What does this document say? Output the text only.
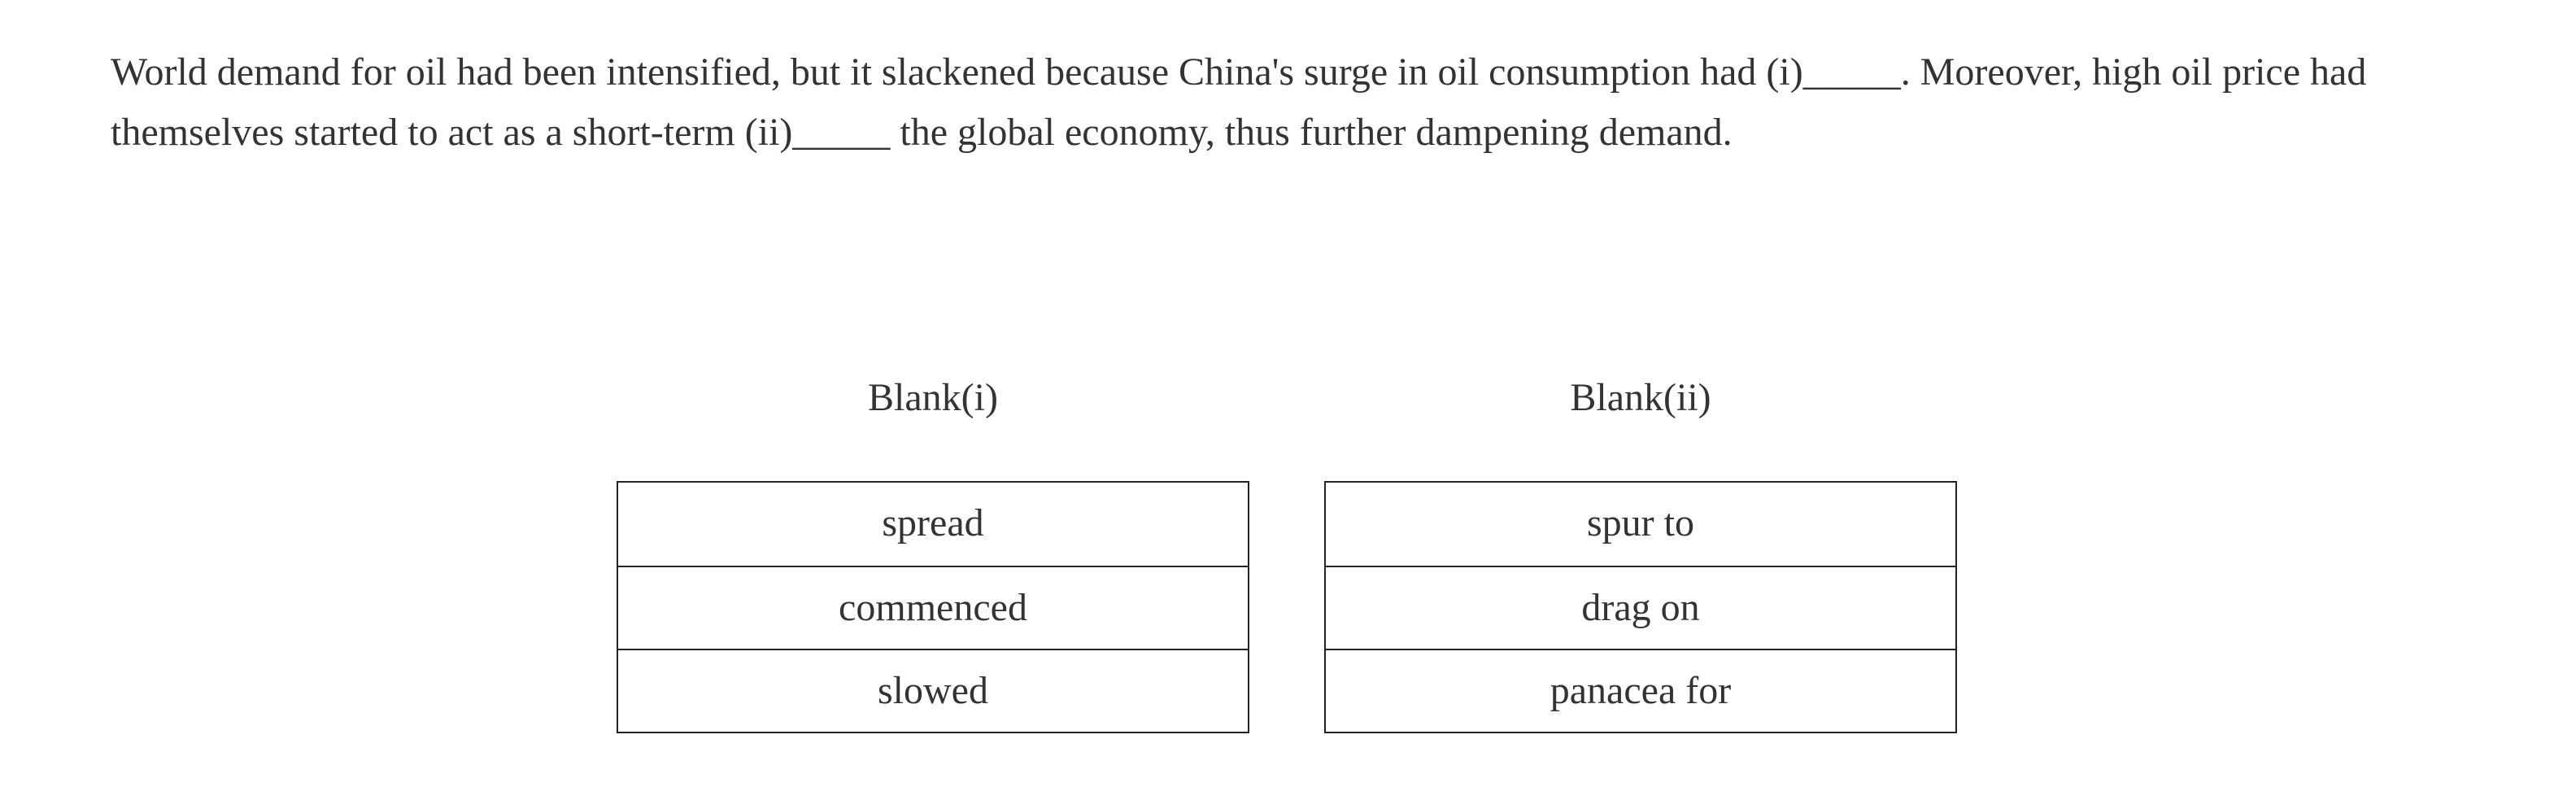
World demand for oil had been intensified, but it slackened because China's surge in oil consumption had (i)_____. Moreover, high oil price had themselves started to act as a short-term (ii)_____ the global economy, thus further dampening demand.

Blank(i)
spread
commenced
slowed
Blank(ii)
spur to
drag on
panacea for
